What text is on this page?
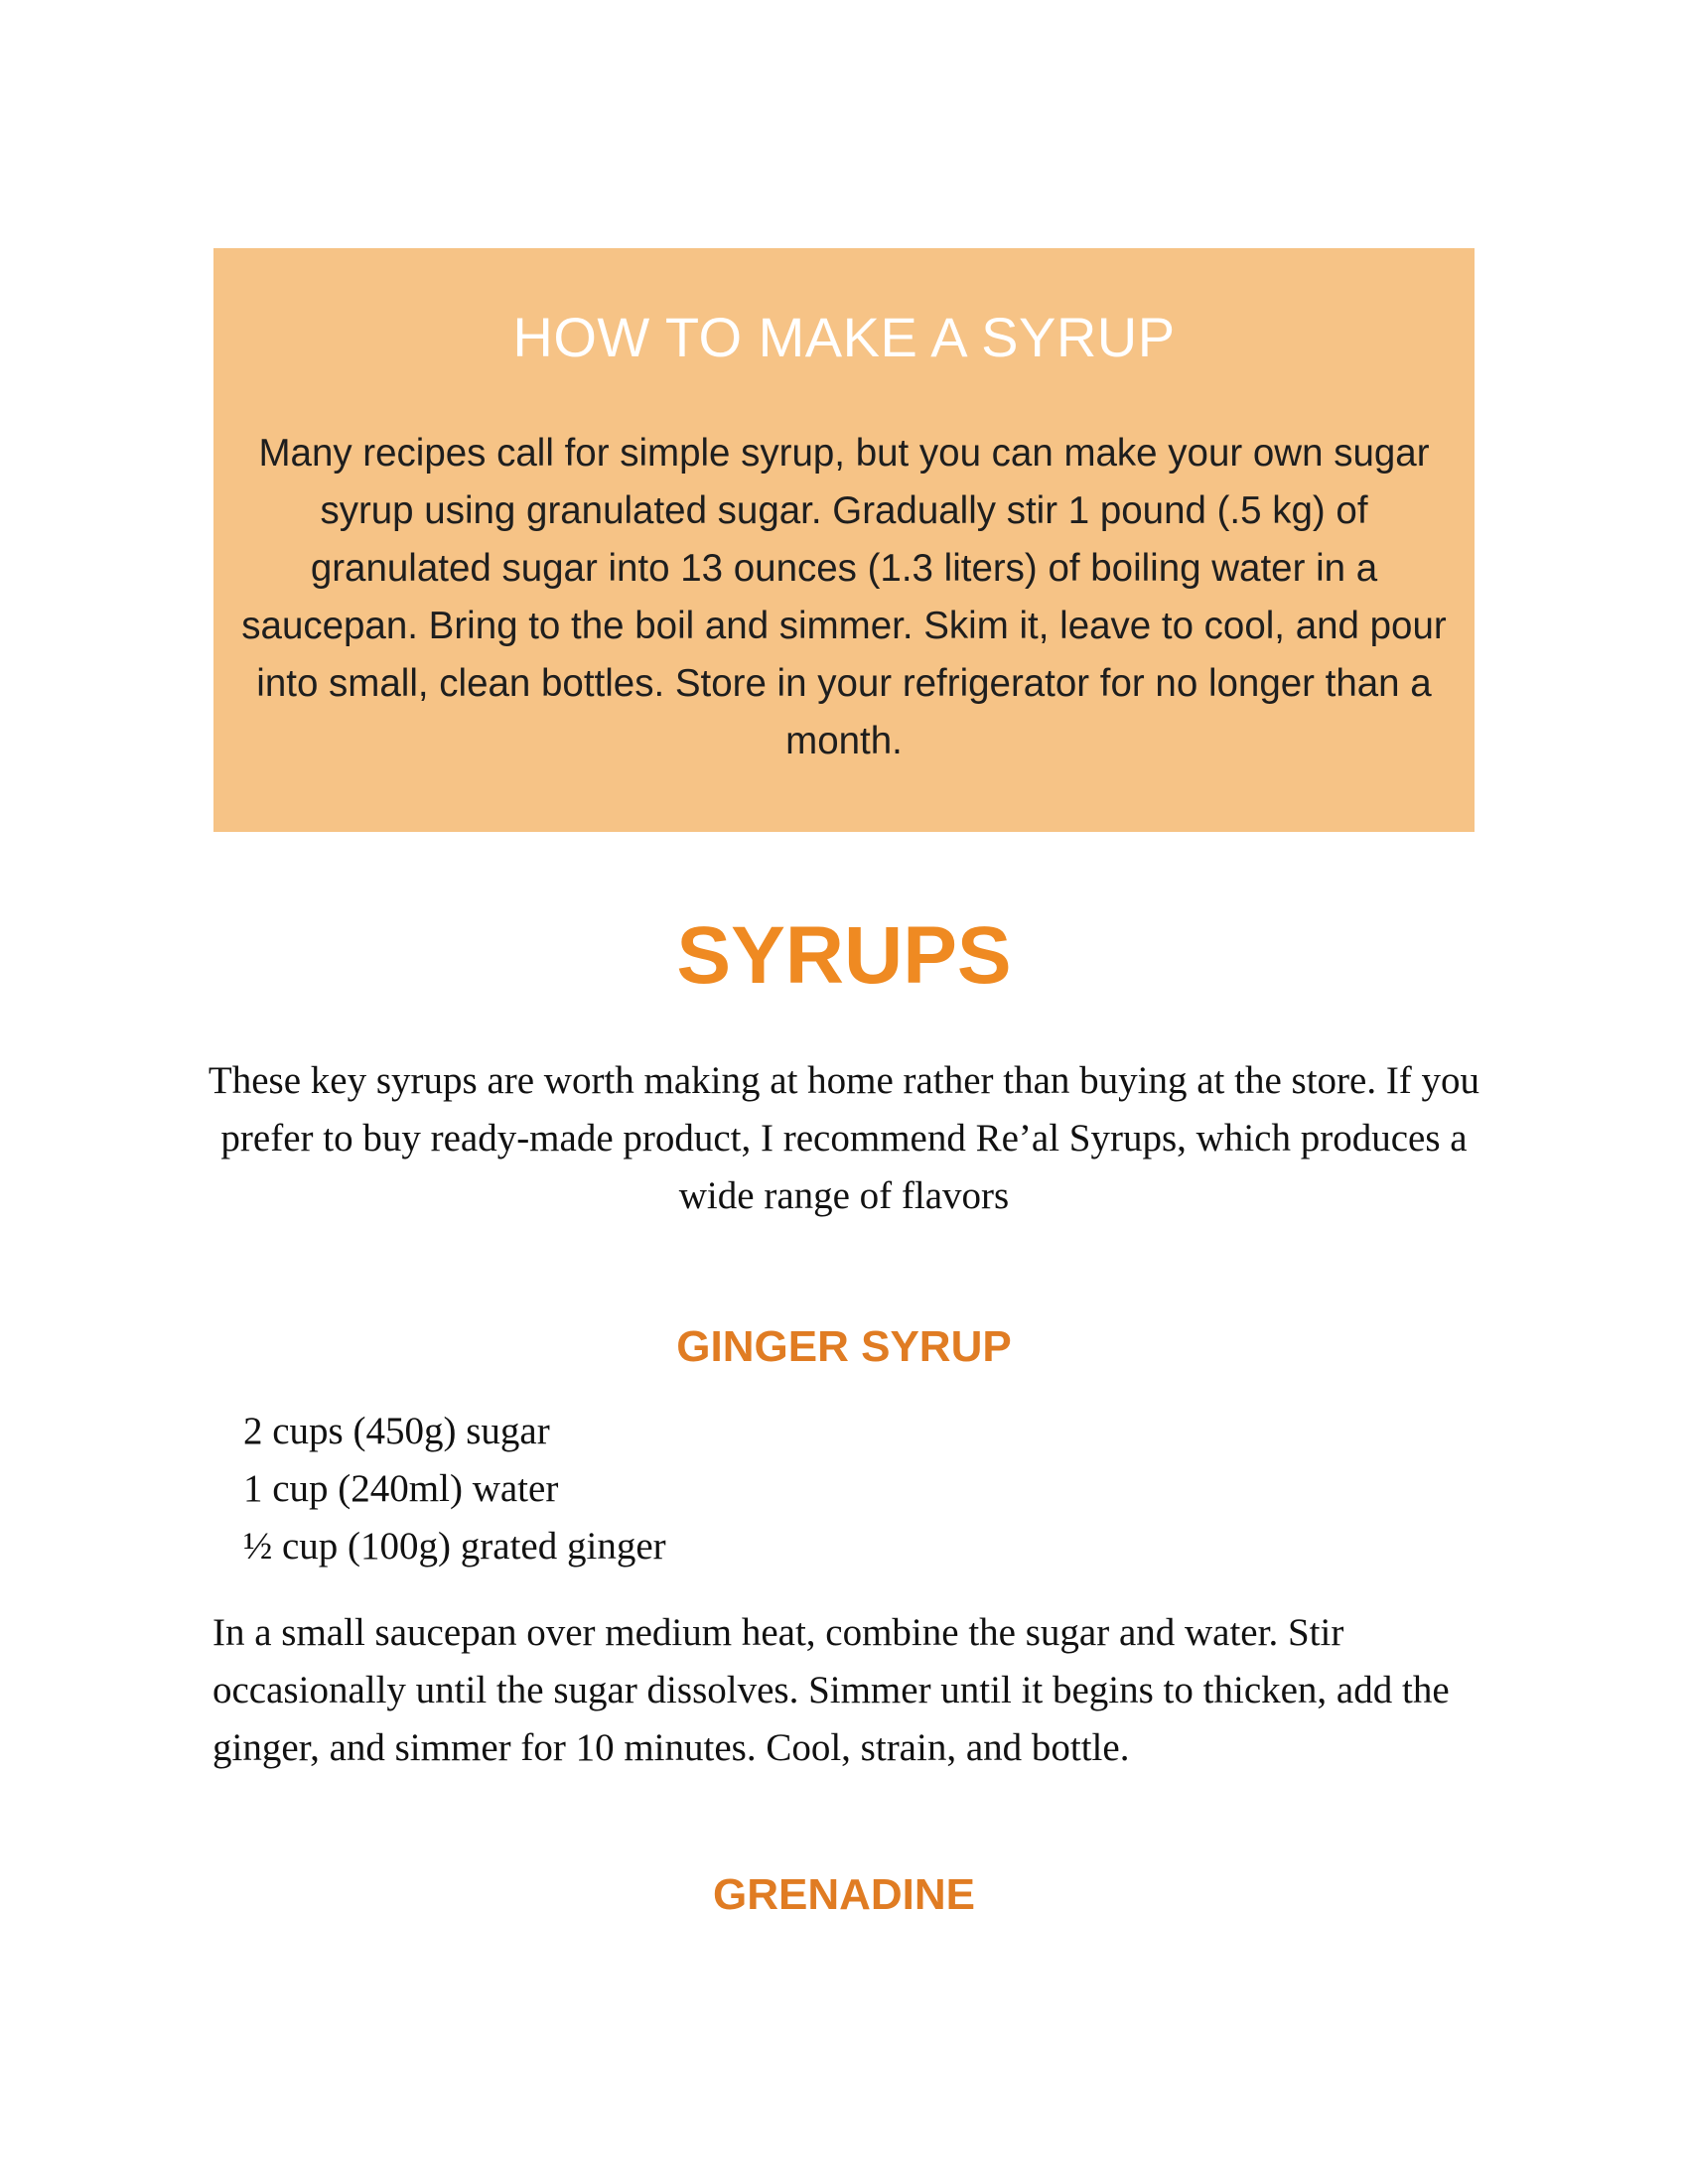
HOW TO MAKE A SYRUP
Many recipes call for simple syrup, but you can make your own sugar syrup using granulated sugar. Gradually stir 1 pound (.5 kg) of granulated sugar into 13 ounces (1.3 liters) of boiling water in a saucepan. Bring to the boil and simmer. Skim it, leave to cool, and pour into small, clean bottles. Store in your refrigerator for no longer than a month.
SYRUPS
These key syrups are worth making at home rather than buying at the store. If you prefer to buy ready-made product, I recommend Re’al Syrups, which produces a wide range of flavors
GINGER SYRUP
2 cups (450g) sugar
1 cup (240ml) water
½ cup (100g) grated ginger
In a small saucepan over medium heat, combine the sugar and water. Stir occasionally until the sugar dissolves. Simmer until it begins to thicken, add the ginger, and simmer for 10 minutes. Cool, strain, and bottle.
GRENADINE
